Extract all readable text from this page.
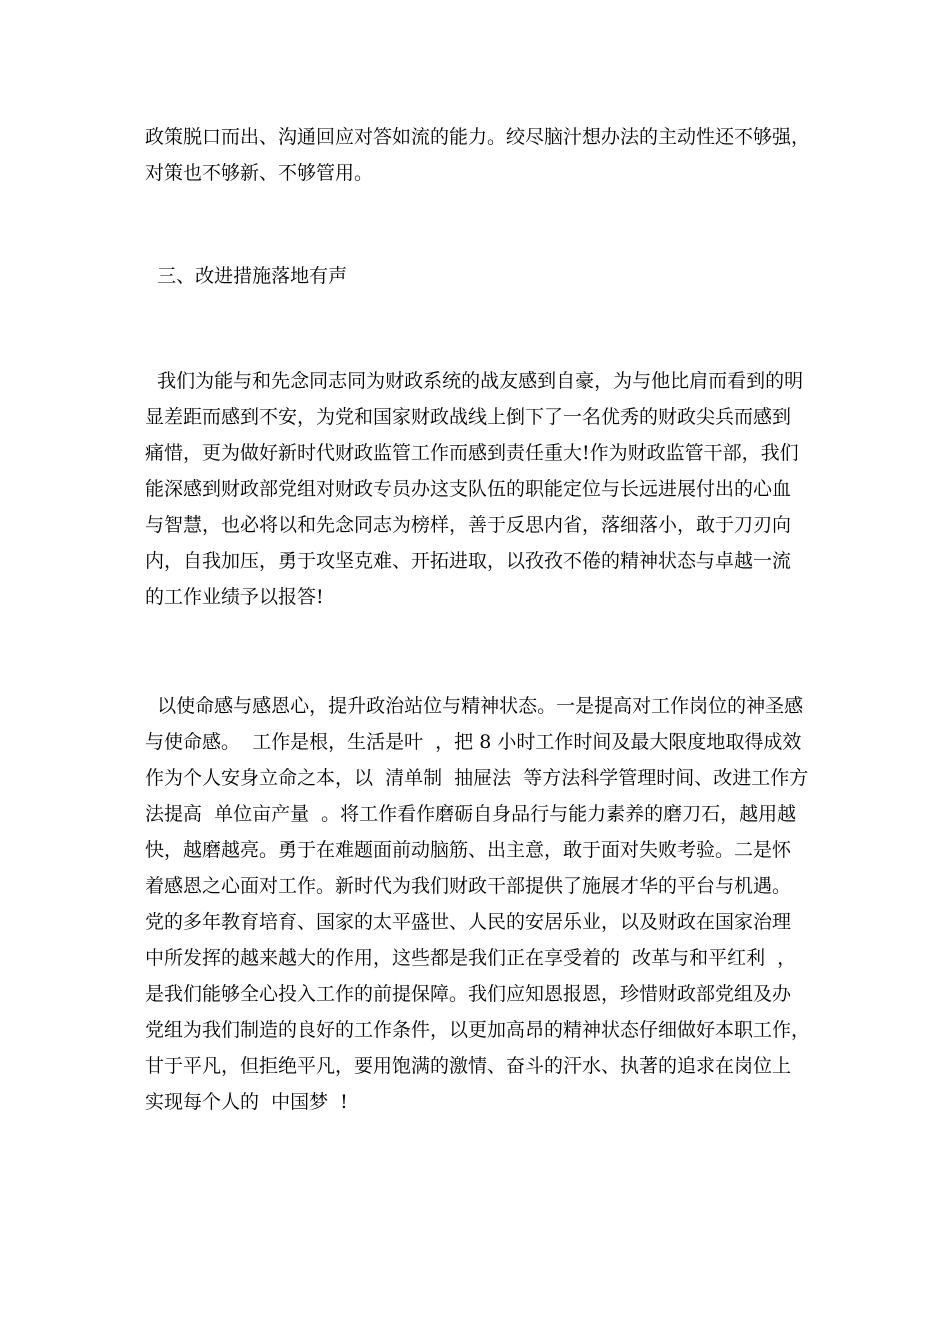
政策脱口而出、沟通回应对答如流的能力。绞尽脑汁想办法的主动性还不够强，
对策也不够新、不够管用。
三、改进措施落地有声
我们为能与和先念同志同为财政系统的战友感到自豪，为与他比肩而看到的明
显差距而感到不安，为党和国家财政战线上倒下了一名优秀的财政尖兵而感到
痛惜，更为做好新时代财政监管工作而感到责任重大!作为财政监管干部，我们
能深感到财政部党组对财政专员办这支队伍的职能定位与长远进展付出的心血
与智慧，也必将以和先念同志为榜样，善于反思内省，落细落小，敢于刀刃向
内，自我加压，勇于攻坚克难、开拓进取，以孜孜不倦的精神状态与卓越一流
的工作业绩予以报答!
以使命感与感恩心，提升政治站位与精神状态。一是提高对工作岗位的神圣感
与使命感。  工作是根，生活是叶  ，把 8 小时工作时间及最大限度地取得成效
作为个人安身立命之本，以  清单制  抽屉法  等方法科学管理时间、改进工作方
法提高  单位亩产量  。将工作看作磨砺自身品行与能力素养的磨刀石，越用越
快，越磨越亮。勇于在难题面前动脑筋、出主意，敢于面对失败考验。二是怀
着感恩之心面对工作。新时代为我们财政干部提供了施展才华的平台与机遇。
党的多年教育培育、国家的太平盛世、人民的安居乐业，以及财政在国家治理
中所发挥的越来越大的作用，这些都是我们正在享受着的  改革与和平红利  ，
是我们能够全心投入工作的前提保障。我们应知恩报恩，珍惜财政部党组及办
党组为我们制造的良好的工作条件，以更加高昂的精神状态仔细做好本职工作，
甘于平凡，但拒绝平凡，要用饱满的激情、奋斗的汗水、执著的追求在岗位上
实现每个人的  中国梦  !
